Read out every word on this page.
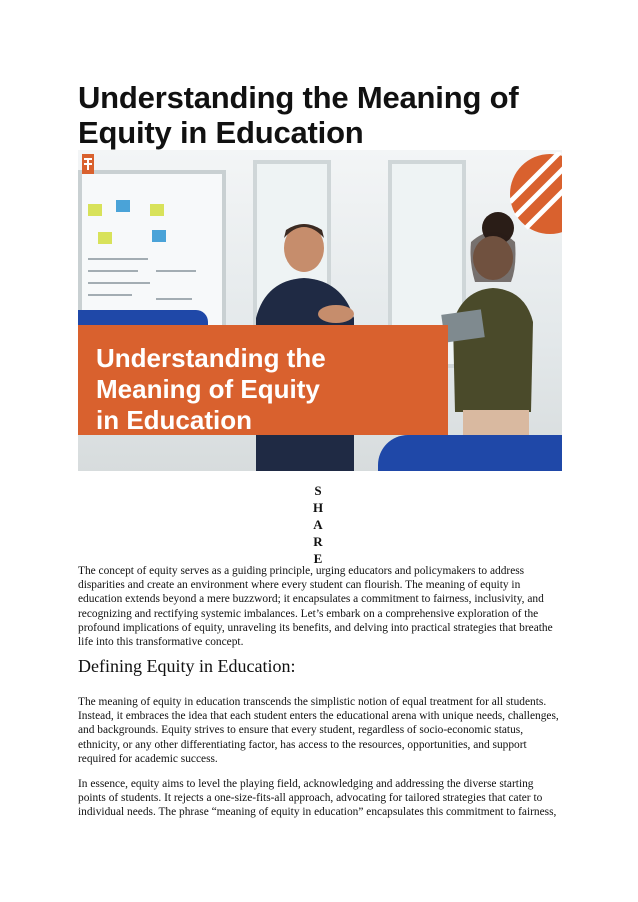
Understanding the Meaning of Equity in Education
Understanding the
Meaning of Equity
in Education
S
H
A
R
E

The concept of equity serves as a guiding principle, urging educators and policymakers to address disparities and create an environment where every student can flourish. The meaning of equity in education extends beyond a mere buzzword; it encapsulates a commitment to fairness, inclusivity, and recognizing and rectifying systemic imbalances. Let’s embark on a comprehensive exploration of the profound implications of equity, unraveling its benefits, and delving into practical strategies that breathe life into this transformative concept.

Defining Equity in Education:

The meaning of equity in education transcends the simplistic notion of equal treatment for all students. Instead, it embraces the idea that each student enters the educational arena with unique needs, challenges, and backgrounds. Equity strives to ensure that every student, regardless of socio-economic status, ethnicity, or any other differentiating factor, has access to the resources, opportunities, and support required for academic success.

In essence, equity aims to level the playing field, acknowledging and addressing the diverse starting points of students. It rejects a one-size-fits-all approach, advocating for tailored strategies that cater to individual needs. The phrase “meaning of equity in education” encapsulates this commitment to fairness,
